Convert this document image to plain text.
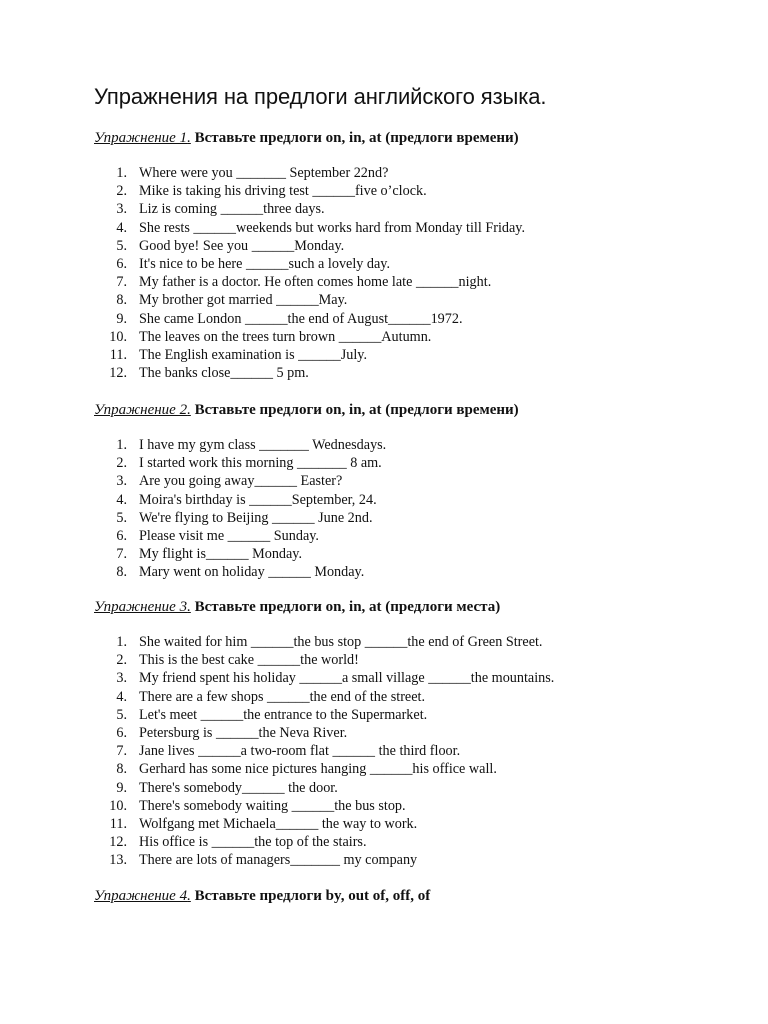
Упражнения на предлоги английского языка.
Упражнение 1. Вставьте предлоги on, in, at (предлоги времени)
1. Where were you _______ September 22nd?
2. Mike is taking his driving test ______five o’clock.
3. Liz is coming ______three days.
4. She rests ______weekends but works hard from Monday till Friday.
5. Good bye! See you ______Monday.
6. It's nice to be here ______such a lovely day.
7. My father is a doctor. He often comes home late ______night.
8. My brother got married ______May.
9. She came London ______the end of August______1972.
10. The leaves on the trees turn brown ______Autumn.
11. The English examination is ______July.
12. The banks close______ 5 pm.
Упражнение 2. Вставьте предлоги on, in, at (предлоги времени)
1. I have my gym class _______ Wednesdays.
2. I started work this morning _______ 8 am.
3. Are you going away______ Easter?
4. Moira's birthday is ______September, 24.
5. We're flying to Beijing ______ June 2nd.
6. Please visit me ______ Sunday.
7. My flight is______ Monday.
8. Mary went on holiday ______ Monday.
Упражнение 3. Вставьте предлоги on, in, at (предлоги места)
1. She waited for him ______the bus stop ______the end of Green Street.
2. This is the best cake ______the world!
3. My friend spent his holiday ______a small village ______the mountains.
4. There are a few shops ______the end of the street.
5. Let's meet ______the entrance to the Supermarket.
6. Petersburg is ______the Neva River.
7. Jane lives ______a two-room flat ______ the third floor.
8. Gerhard has some nice pictures hanging ______his office wall.
9. There's somebody______ the door.
10. There's somebody waiting ______the bus stop.
11. Wolfgang met Michaela______ the way to work.
12. His office is ______the top of the stairs.
13. There are lots of managers_______ my company
Упражнение 4. Вставьте предлоги by, out of, off, of
